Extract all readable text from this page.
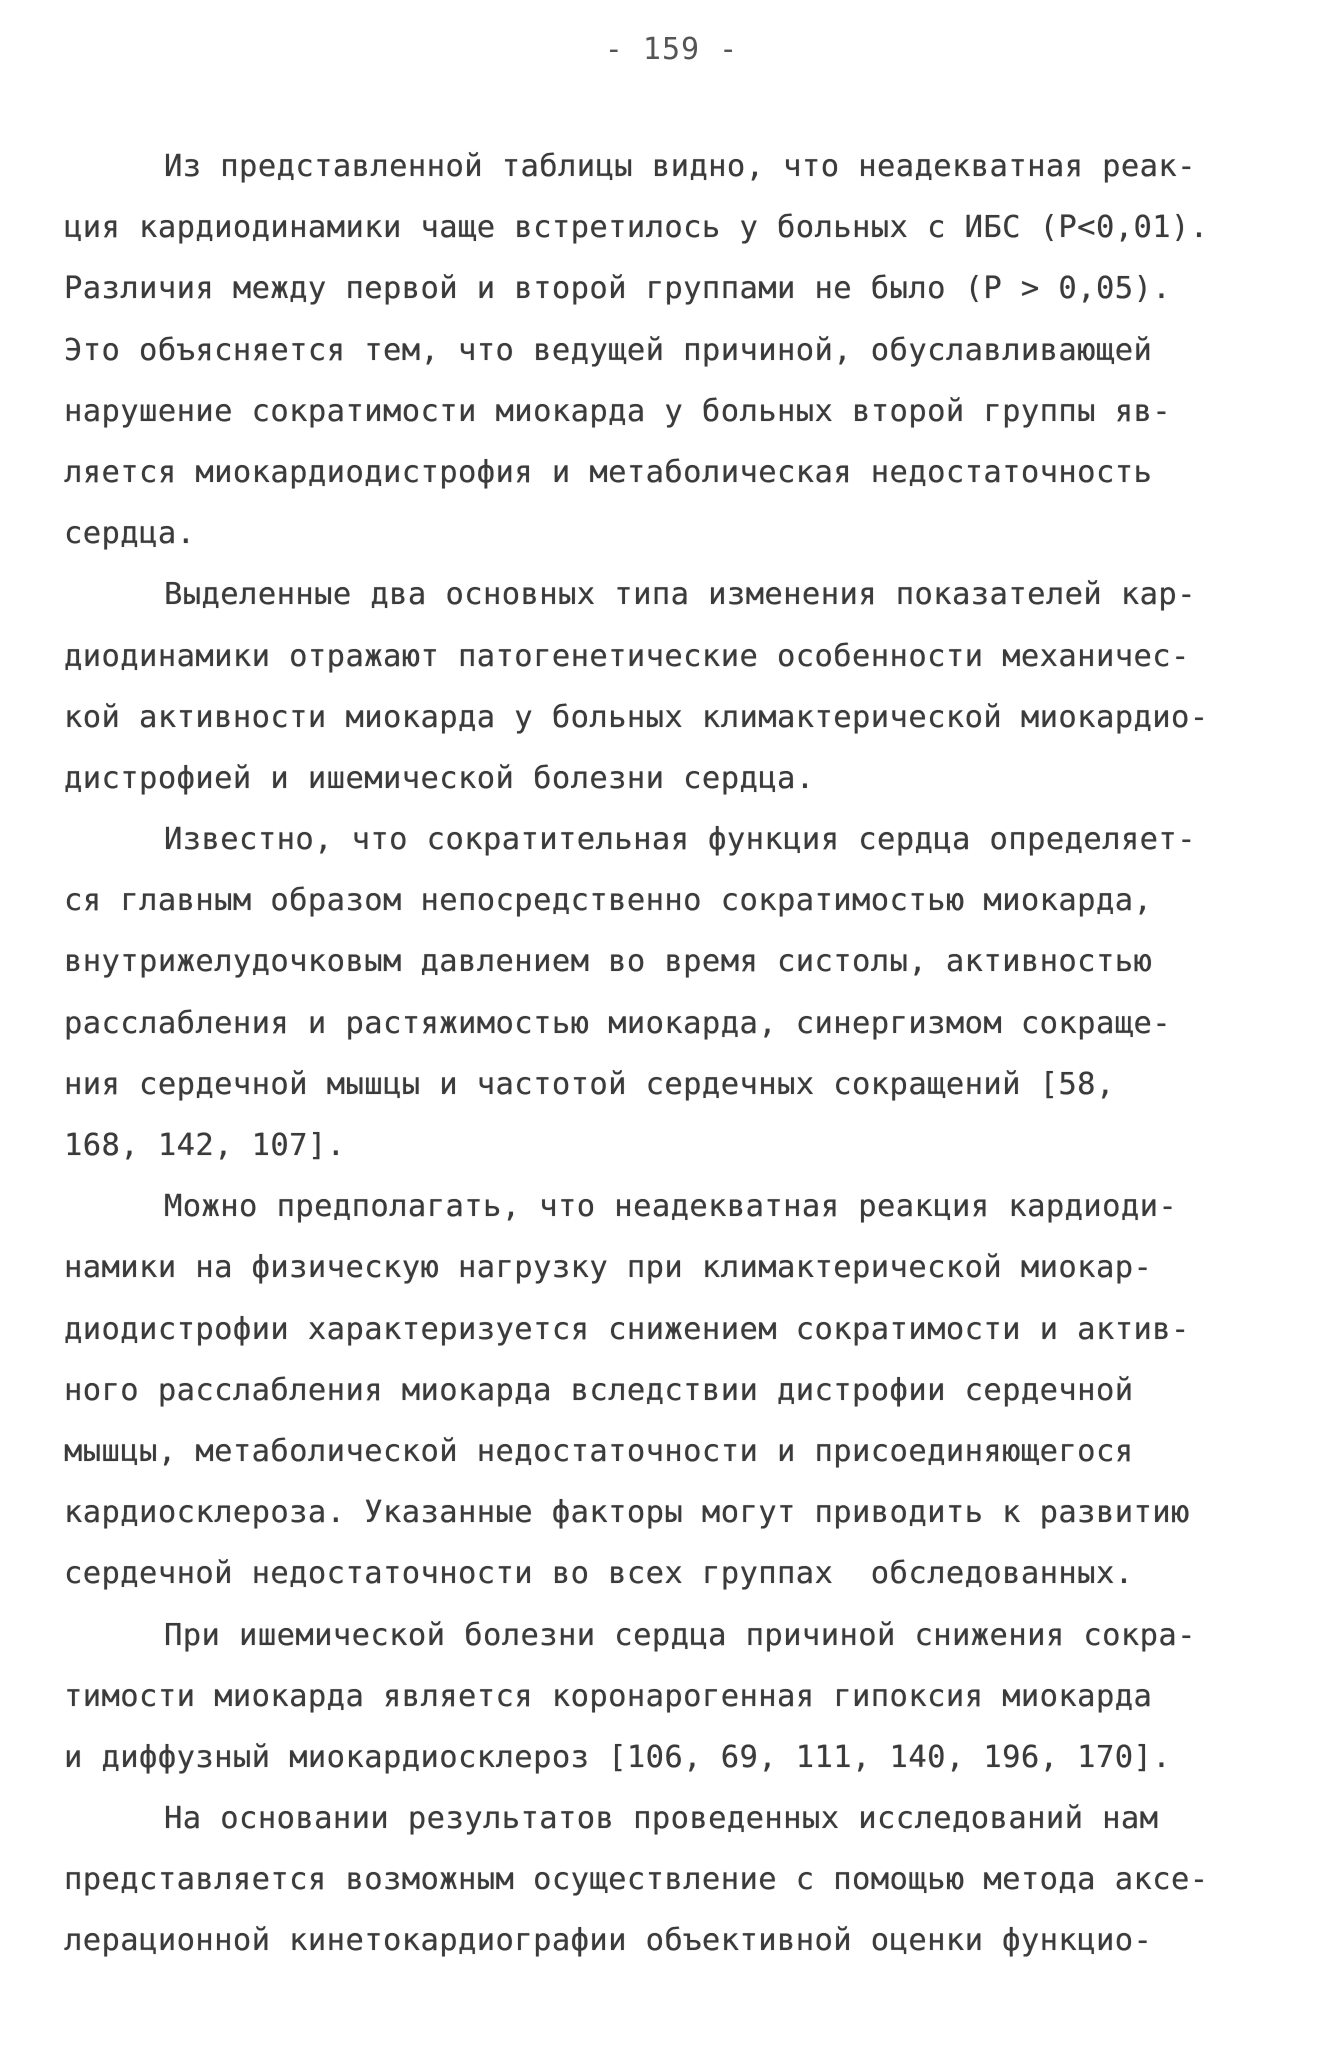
- 159 -
Из представленной таблицы видно, что неадекватная реак-
ция кардиодинамики чаще встретилось у больных с ИБС (P<0,01).
Различия между первой и второй группами не было (P > 0,05).
Это объясняется тем, что ведущей причиной, обуславливающей
нарушение сократимости миокарда у больных второй группы яв-
ляется миокардиодистрофия и метаболическая недостаточность
сердца.
Выделенные два основных типа изменения показателей кар-
диодинамики отражают патогенетические особенности механичес-
кой активности миокарда у больных климактерической миокардио-
дистрофией и ишемической болезни сердца.
Известно, что сократительная функция сердца определяет-
ся главным образом непосредственно сократимостью миокарда,
внутрижелудочковым давлением во время систолы, активностью
расслабления и растяжимостью миокарда, синергизмом сокраще-
ния сердечной мышцы и частотой сердечных сокращений [58,
168, 142, 107].
Можно предполагать, что неадекватная реакция кардиоди-
намики на физическую нагрузку при климактерической миокар-
диодистрофии характеризуется снижением сократимости и актив-
ного расслабления миокарда вследствии дистрофии сердечной
мышцы, метаболической недостаточности и присоединяющегося
кардиосклероза. Указанные факторы могут приводить к развитию
сердечной недостаточности во всех группах  обследованных.
При ишемической болезни сердца причиной снижения сокра-
тимости миокарда является коронарогенная гипоксия миокарда
и диффузный миокардиосклероз [106, 69, 111, 140, 196, 170].
На основании результатов проведенных исследований нам
представляется возможным осуществление с помощью метода аксе-
лерационной кинетокардиографии объективной оценки функцио-
